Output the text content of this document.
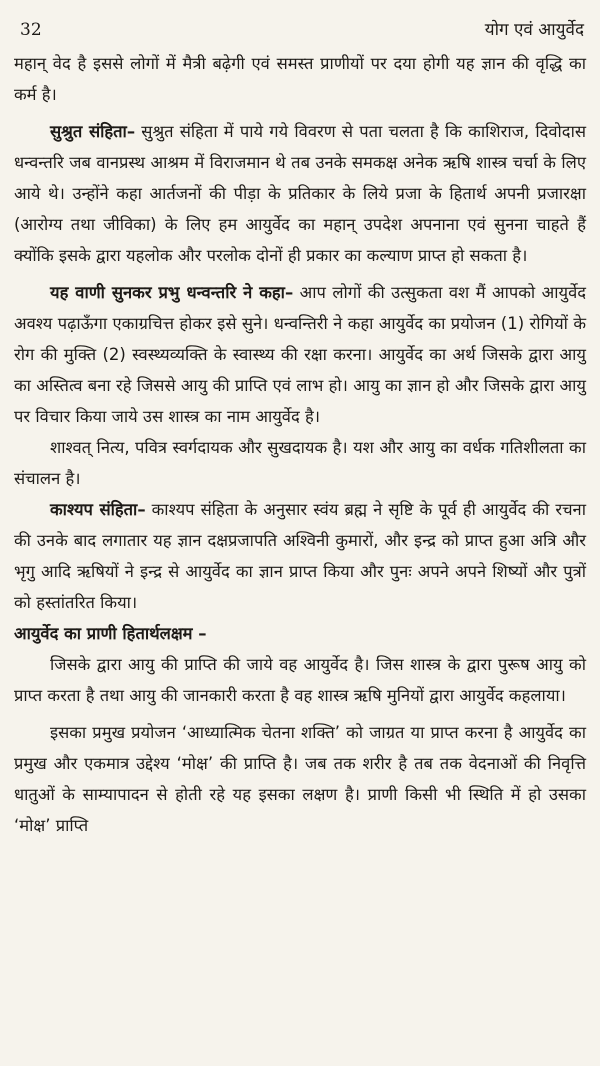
32	योग एवं आयुर्वेद

महान् वेद है इससे लोगों में मैत्री बढ़ेगी एवं समस्त प्राणीयों पर दया होगी यह ज्ञान की वृद्धि का कर्म है।

सुश्रुत संहिता– सुश्रुत संहिता में पाये गये विवरण से पता चलता है कि काशिराज, दिवोदास धन्वन्तरि जब वानप्रस्थ आश्रम में विराजमान थे तब उनके समकक्ष अनेक ऋषि शास्त्र चर्चा के लिए आये थे। उन्होंने कहा आर्तजनों की पीड़ा के प्रतिकार के लिये प्रजा के हितार्थ अपनी प्रजारक्षा (आरोग्य तथा जीविका) के लिए हम आयुर्वेद का महान् उपदेश अपनाना एवं सुनना चाहते हैं क्योंकि इसके द्वारा यहलोक और परलोक दोनों ही प्रकार का कल्याण प्राप्त हो सकता है।

यह वाणी सुनकर प्रभु धन्वन्तरि ने कहा– आप लोगों की उत्सुकता वश मैं आपको आयुर्वेद अवश्य पढ़ाऊँगा एकाग्रचित्त होकर इसे सुने। धन्वन्तिरी ने कहा आयुर्वेद का प्रयोजन (1) रोगियों के रोग की मुक्ति (2) स्वस्थ्यव्यक्ति के स्वास्थ्य की रक्षा करना। आयुर्वेद का अर्थ जिसके द्वारा आयु का अस्तित्व बना रहे जिससे आयु की प्राप्ति एवं लाभ हो। आयु का ज्ञान हो और जिसके द्वारा आयु पर विचार किया जाये उस शास्त्र का नाम आयुर्वेद है।

शाश्वत् नित्य, पवित्र स्वर्गदायक और सुखदायक है। यश और आयु का वर्धक गतिशीलता का संचालन है।

काश्यप संहिता– काश्यप संहिता के अनुसार स्वंय ब्रह्म ने सृष्टि के पूर्व ही आयुर्वेद की रचना की उनके बाद लगातार यह ज्ञान दक्षप्रजापति अश्विनी कुमारों, और इन्द्र को प्राप्त हुआ अत्रि और भृगु आदि ऋषियों ने इन्द्र से आयुर्वेद का ज्ञान प्राप्त किया और पुनः अपने अपने शिष्यों और पुत्रों को हस्तांतरित किया।

आयुर्वेद का प्राणी हितार्थलक्षम –

जिसके द्वारा आयु की प्राप्ति की जाये वह आयुर्वेद है। जिस शास्त्र के द्वारा पुरूष आयु को प्राप्त करता है तथा आयु की जानकारी करता है वह शास्त्र ऋषि मुनियों द्वारा आयुर्वेद कहलाया।

इसका प्रमुख प्रयोजन ‘आध्यात्मिक चेतना शक्ति’ को जाग्रत या प्राप्त करना है आयुर्वेद का प्रमुख और एकमात्र उद्देश्य ‘मोक्ष’ की प्राप्ति है। जब तक शरीर है तब तक वेदनाओं की निवृत्ति धातुओं के साम्यापादन से होती रहे यह इसका लक्षण है। प्राणी किसी भी स्थिति में हो उसका ‘मोक्ष’ प्राप्ति
